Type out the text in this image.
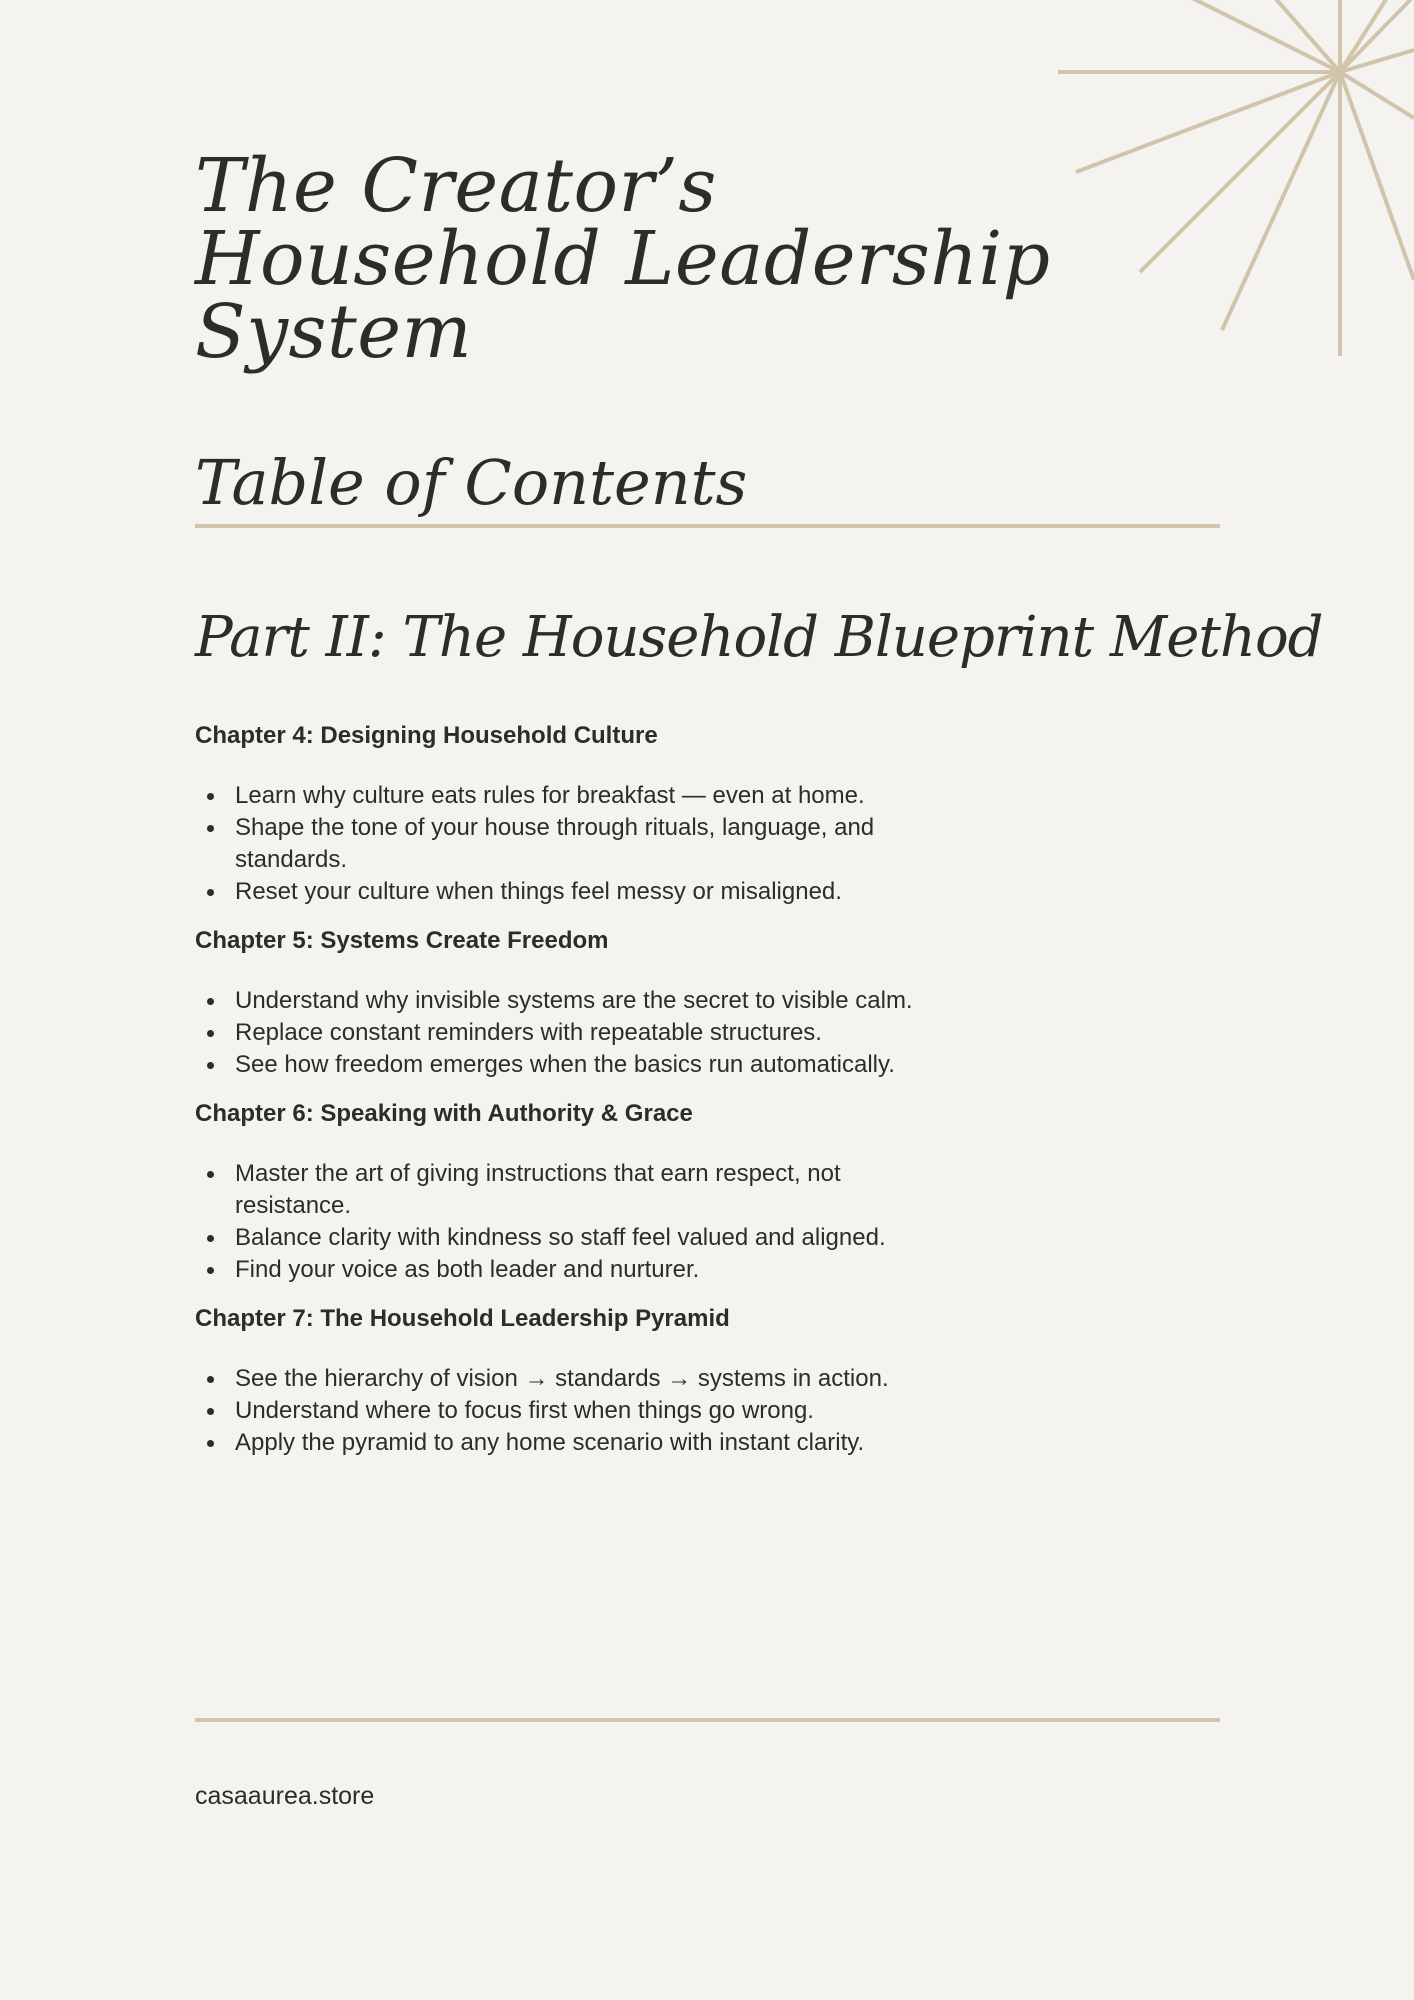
The Creator’s Household Leadership System
Table of Contents
Part II: The Household Blueprint Method
Chapter 4: Designing Household Culture
Learn why culture eats rules for breakfast — even at home.
Shape the tone of your house through rituals, language, and standards.
Reset your culture when things feel messy or misaligned.
Chapter 5: Systems Create Freedom
Understand why invisible systems are the secret to visible calm.
Replace constant reminders with repeatable structures.
See how freedom emerges when the basics run automatically.
Chapter 6: Speaking with Authority & Grace
Master the art of giving instructions that earn respect, not resistance.
Balance clarity with kindness so staff feel valued and aligned.
Find your voice as both leader and nurturer.
Chapter 7: The Household Leadership Pyramid
See the hierarchy of vision → standards → systems in action.
Understand where to focus first when things go wrong.
Apply the pyramid to any home scenario with instant clarity.
casaaurea.store
